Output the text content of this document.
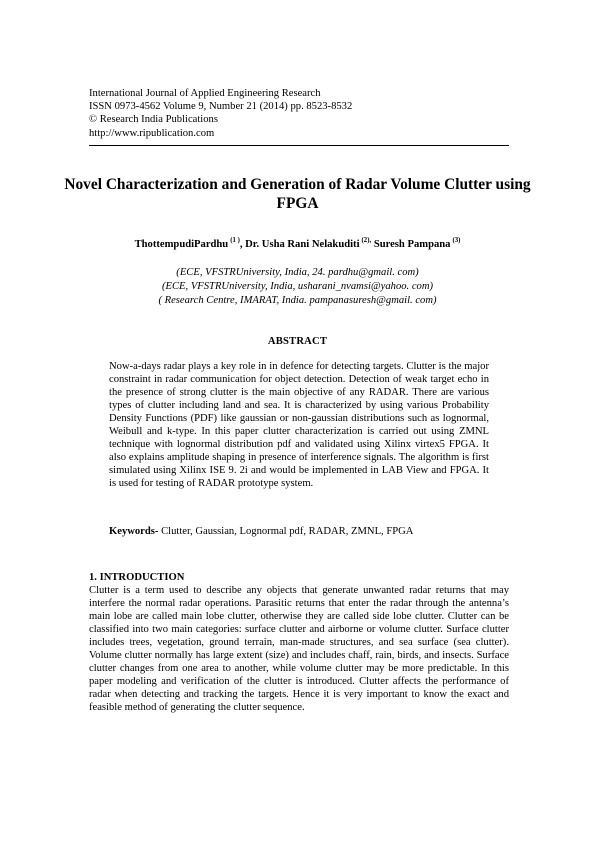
International Journal of Applied Engineering Research
ISSN 0973-4562 Volume 9, Number 21 (2014) pp. 8523-8532
© Research India Publications
http://www.ripublication.com
Novel Characterization and Generation of Radar Volume Clutter using FPGA
ThottempudiPardhu $^{(1 )}$, Dr. Usha Rani Nelakuditi $^{(2),}$ Suresh Pampana $^{(3)}$
(ECE, VFSTRUniversity, India, 24. pardhu@gmail. com)
(ECE, VFSTRUniversity, India, usharani_nvamsi@yahoo. com)
( Research Centre, IMARAT, India. pampanasuresh@gmail. com)
ABSTRACT
Now-a-days radar plays a key role in in defence for detecting targets. Clutter is the major constraint in radar communication for object detection. Detection of weak target echo in the presence of strong clutter is the main objective of any RADAR. There are various types of clutter including land and sea. It is characterized by using various Probability Density Functions (PDF) like gaussian or non-gaussian distributions such as lognormal, Weibull and k-type. In this paper clutter characterization is carried out using ZMNL technique with lognormal distribution pdf and validated using Xilinx virtex5 FPGA. It also explains amplitude shaping in presence of interference signals. The algorithm is first simulated using Xilinx ISE 9. 2i and would be implemented in LAB View and FPGA. It is used for testing of RADAR prototype system.
Keywords- Clutter, Gaussian, Lognormal pdf, RADAR, ZMNL, FPGA
1. INTRODUCTION
Clutter is a term used to describe any objects that generate unwanted radar returns that may interfere the normal radar operations. Parasitic returns that enter the radar through the antenna’s main lobe are called main lobe clutter, otherwise they are called side lobe clutter. Clutter can be classified into two main categories: surface clutter and airborne or volume clutter. Surface clutter includes trees, vegetation, ground terrain, man-made structures, and sea surface (sea clutter). Volume clutter normally has large extent (size) and includes chaff, rain, birds, and insects. Surface clutter changes from one area to another, while volume clutter may be more predictable. In this paper modeling and verification of the clutter is introduced. Clutter affects the performance of radar when detecting and tracking the targets. Hence it is very important to know the exact and feasible method of generating the clutter sequence.
